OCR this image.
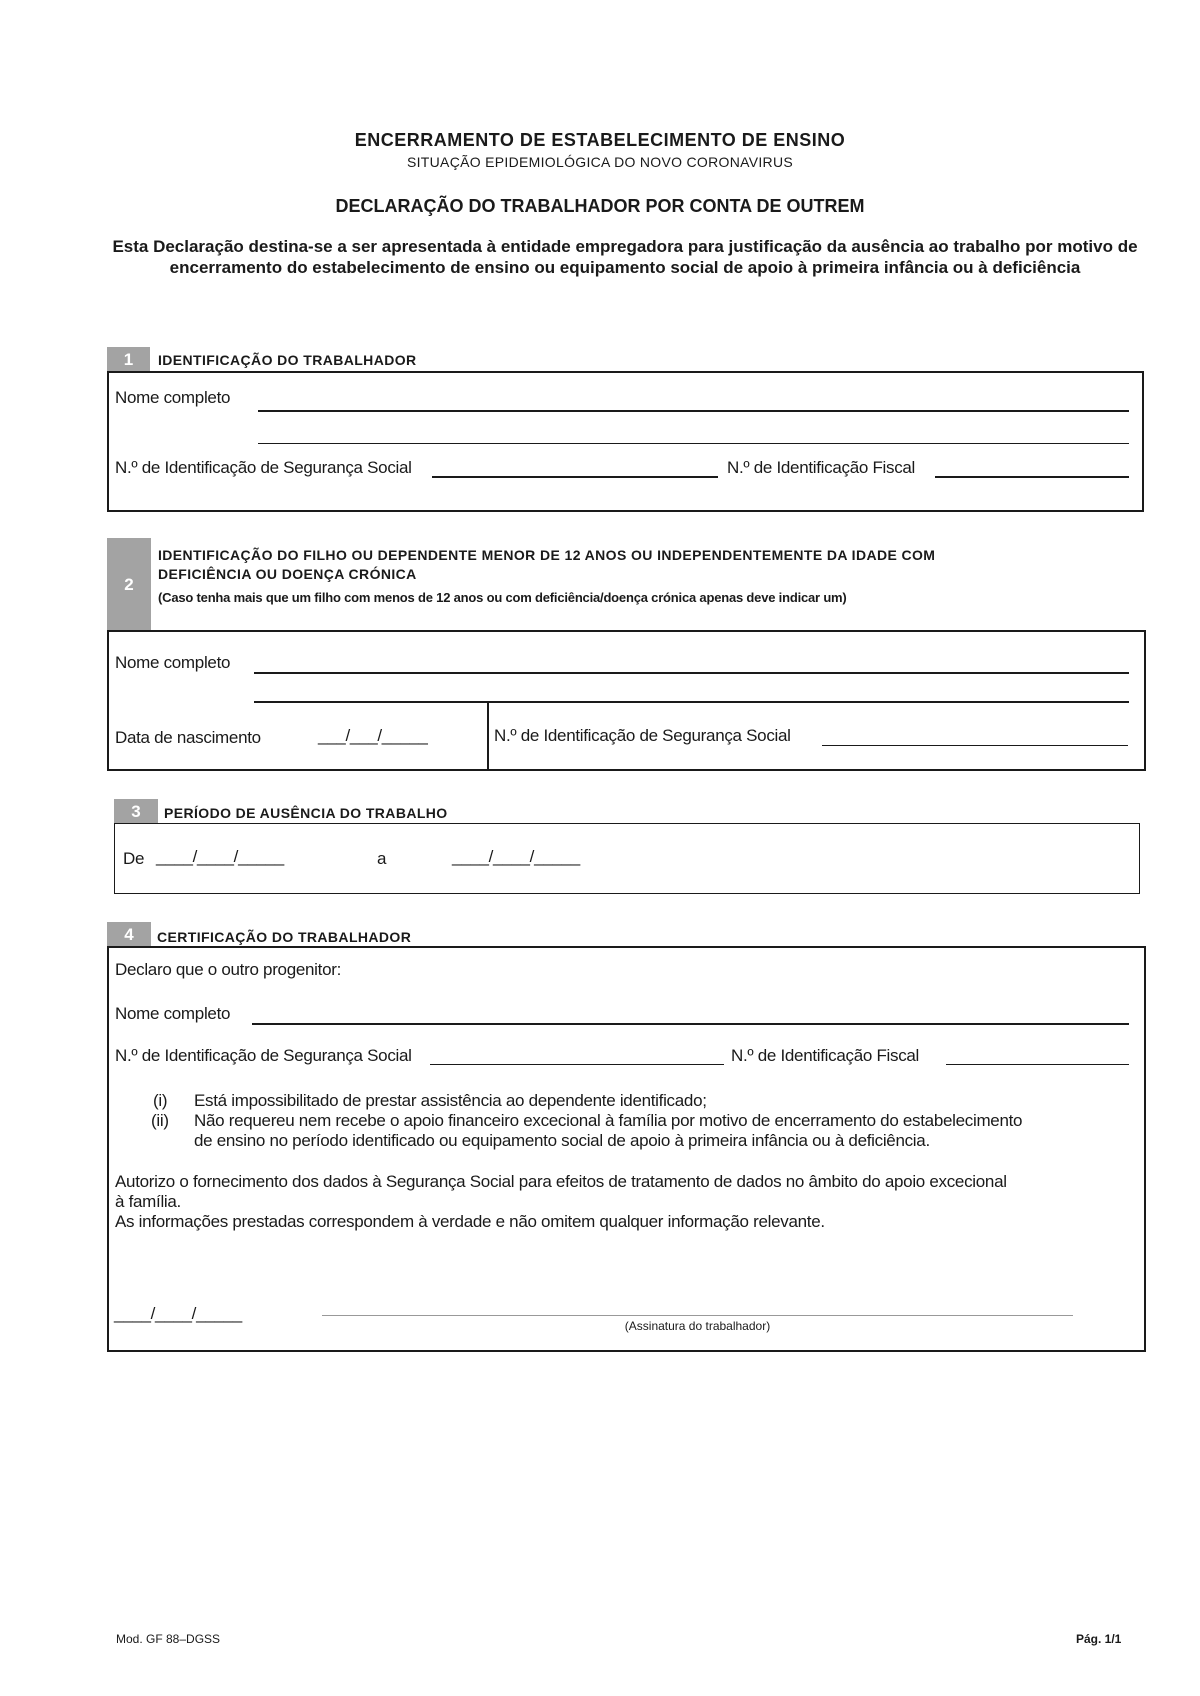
ENCERRAMENTO DE ESTABELECIMENTO DE ENSINO
SITUAÇÃO EPIDEMIOLÓGICA DO NOVO CORONAVIRUS
DECLARAÇÃO DO TRABALHADOR POR CONTA DE OUTREM
Esta Declaração destina-se a ser apresentada à entidade empregadora para justificação da ausência ao trabalho por motivo de encerramento do estabelecimento de ensino ou equipamento social de apoio à primeira infância ou à deficiência
1	IDENTIFICAÇÃO DO TRABALHADOR
Nome completo
N.º de Identificação de Segurança Social	N.º de Identificação Fiscal
2
IDENTIFICAÇÃO DO FILHO OU DEPENDENTE MENOR DE 12 ANOS OU INDEPENDENTEMENTE DA IDADE COM
DEFICIÊNCIA OU DOENÇA CRÓNICA
(Caso tenha mais que um filho com menos de 12 anos ou com deficiência/doença crónica apenas deve indicar um)
Nome completo
Data de nascimento	___/___/_____	N.º de Identificação de Segurança Social
3	PERÍODO DE AUSÊNCIA DO TRABALHO
De ____/____/_____	a	____/____/_____
4	CERTIFICAÇÃO DO TRABALHADOR
Declaro que o outro progenitor:
Nome completo
N.º de Identificação de Segurança Social	N.º de Identificação Fiscal
(i) Está impossibilitado de prestar assistência ao dependente identificado;
(ii) Não requereu nem recebe o apoio financeiro excecional à família por motivo de encerramento do estabelecimento
de ensino no período identificado ou equipamento social de apoio à primeira infância ou à deficiência.
Autorizo o fornecimento dos dados à Segurança Social para efeitos de tratamento de dados no âmbito do apoio excecional
à família.
As informações prestadas correspondem à verdade e não omitem qualquer informação relevante.
____/____/_____
(Assinatura do trabalhador)
Mod. GF 88–DGSS	Pág. 1/1
